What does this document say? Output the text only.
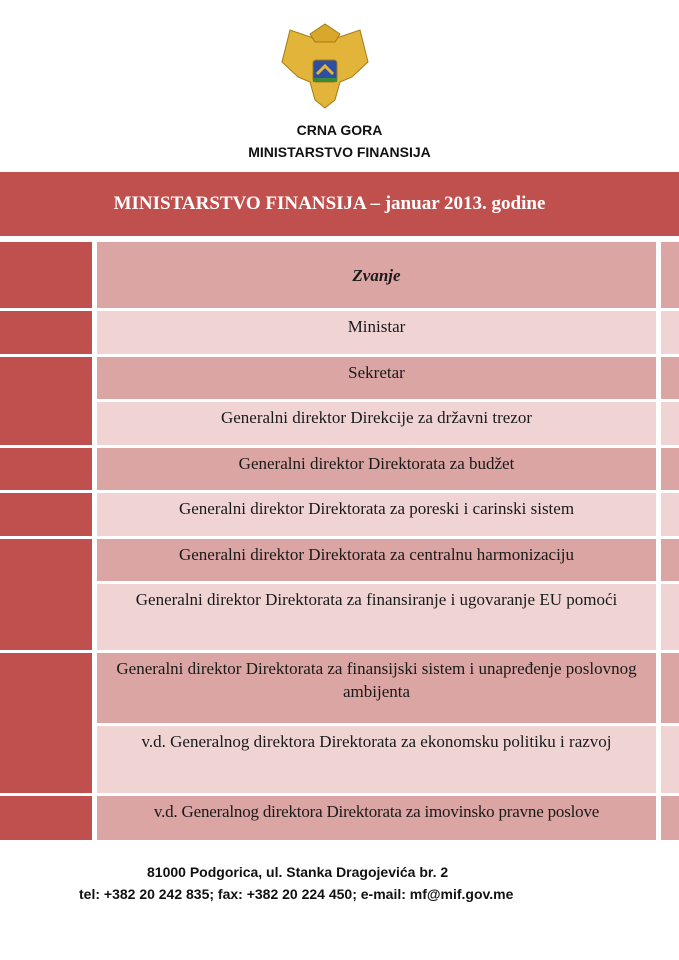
CRNA GORA
MINISTARSTVO FINANSIJA
MINISTARSTVO FINANSIJA – januar 2013. godine
Zvanje
Ministar
Sekretar
Generalni direktor Direkcije za državni trezor
Generalni direktor Direktorata za budžet
Generalni direktor Direktorata za poreski i carinski sistem
Generalni direktor Direktorata za centralnu harmonizaciju
Generalni direktor Direktorata za finansiranje i ugovaranje EU pomoći
Generalni direktor Direktorata za finansijski sistem i unapređenje poslovnog ambijenta
v.d. Generalnog direktora Direktorata za ekonomsku politiku i razvoj
v.d. Generalnog direktora Direktorata za imovinsko pravne poslove
81000 Podgorica, ul. Stanka Dragojevića br. 2
tel: +382 20 242 835; fax: +382 20 224 450; e-mail: mf@mif.gov.me
